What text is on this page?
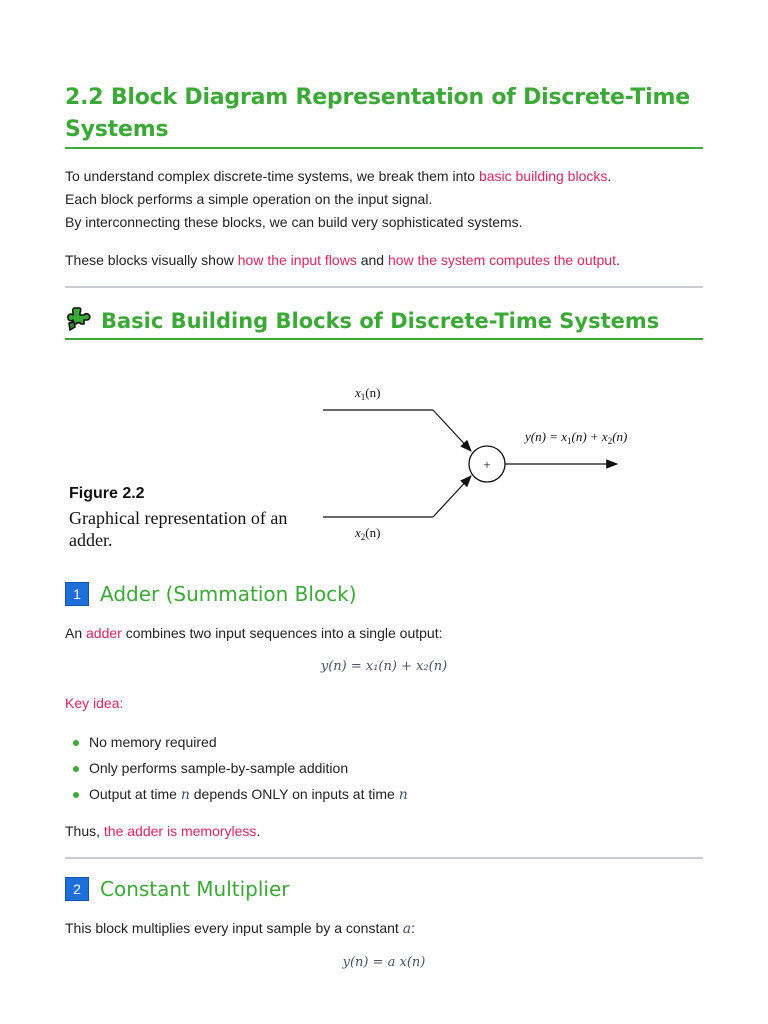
2.2 Block Diagram Representation of Discrete-Time Systems
To understand complex discrete-time systems, we break them into basic building blocks.
Each block performs a simple operation on the input signal.
By interconnecting these blocks, we can build very sophisticated systems.
These blocks visually show how the input flows and how the system computes the output.
Basic Building Blocks of Discrete-Time Systems
Figure 2.2
Graphical representation of an adder.
+
$x_1(n)$
$x_2(n)$
$y(n) = x_1(n) + x_2(n)$
1 Adder (Summation Block)
An adder combines two input sequences into a single output:
y(n) = x₁(n) + x₂(n)
Key idea:
No memory required
Only performs sample-by-sample addition
Output at time n depends ONLY on inputs at time n
Thus, the adder is memoryless.
2 Constant Multiplier
This block multiplies every input sample by a constant a:
y(n) = a x(n)
